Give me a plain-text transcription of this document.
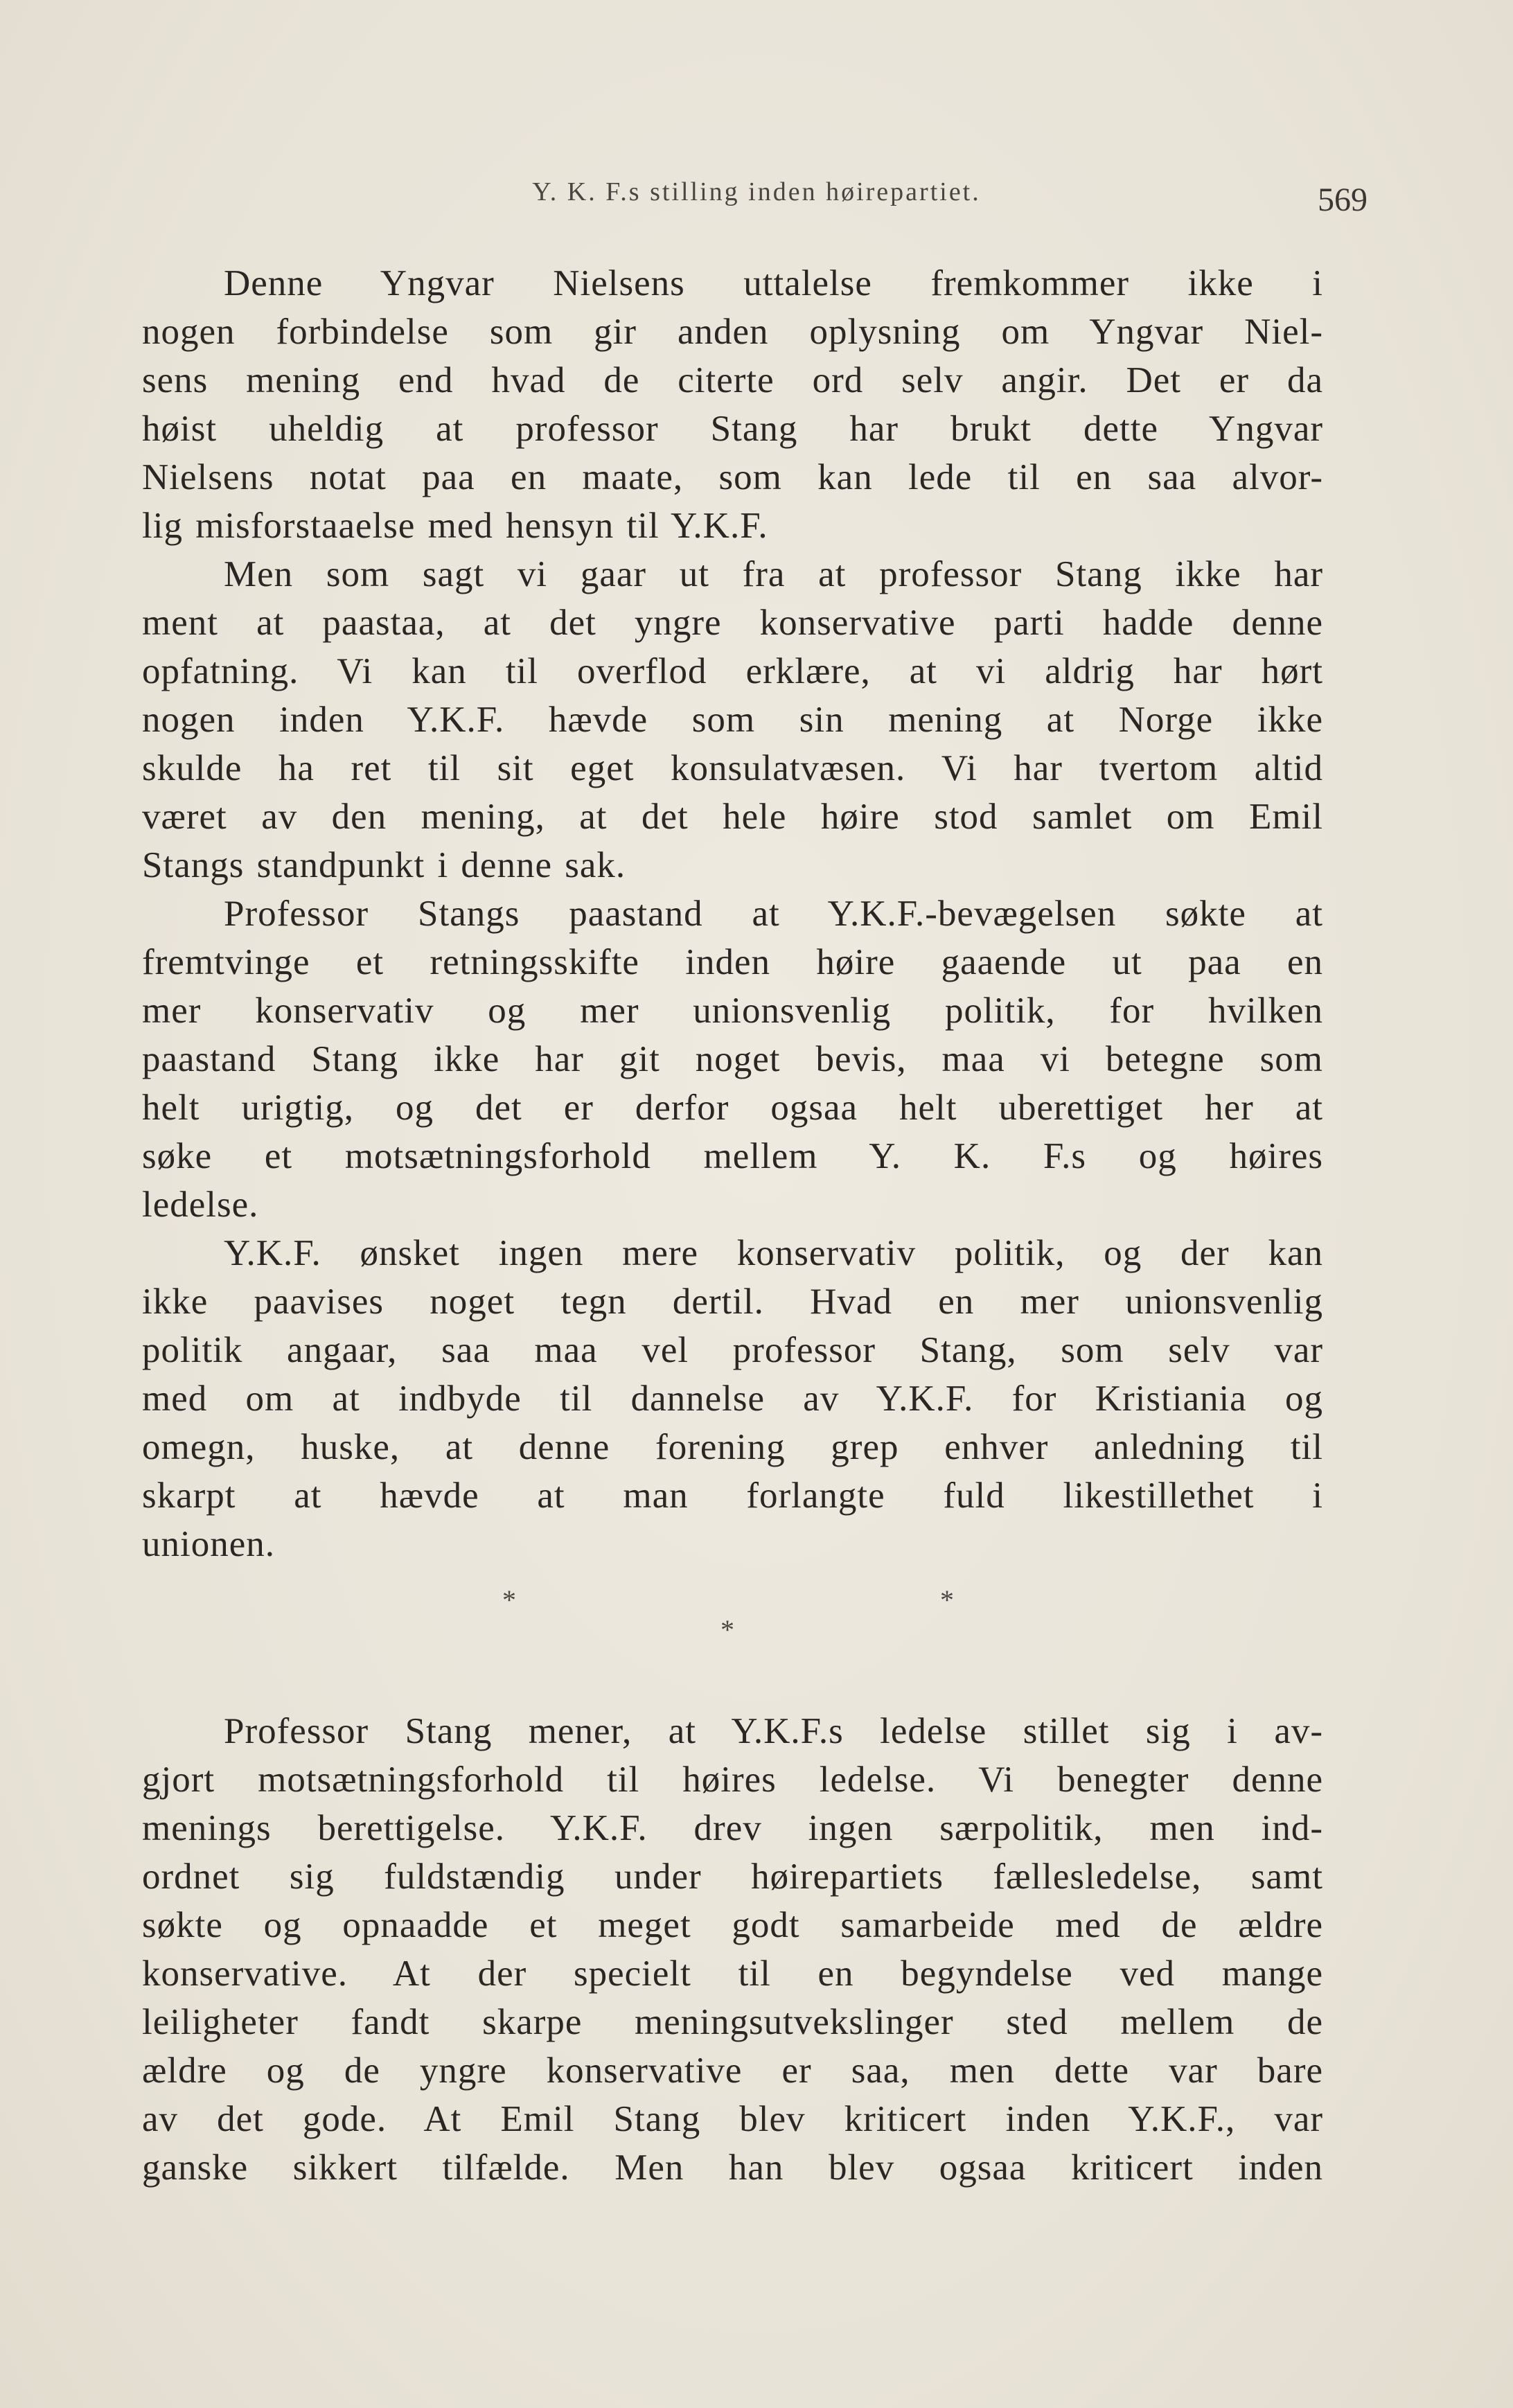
Y. K. F.s stilling inden høirepartiet.	569
Denne Yngvar Nielsens uttalelse fremkommer ikke i
nogen forbindelse som gir anden oplysning om Yngvar Niel-
sens mening end hvad de citerte ord selv angir. Det er da
høist uheldig at professor Stang har brukt dette Yngvar
Nielsens notat paa en maate, som kan lede til en saa alvor-
lig misforstaaelse med hensyn til Y.K.F.
Men som sagt vi gaar ut fra at professor Stang ikke har
ment at paastaa, at det yngre konservative parti hadde denne
opfatning. Vi kan til overflod erklære, at vi aldrig har hørt
nogen inden Y.K.F. hævde som sin mening at Norge ikke
skulde ha ret til sit eget konsulatvæsen. Vi har tvertom altid
været av den mening, at det hele høire stod samlet om Emil
Stangs standpunkt i denne sak.
Professor Stangs paastand at Y.K.F.-bevægelsen søkte at
fremtvinge et retningsskifte inden høire gaaende ut paa en
mer konservativ og mer unionsvenlig politik, for hvilken
paastand Stang ikke har git noget bevis, maa vi betegne som
helt urigtig, og det er derfor ogsaa helt uberettiget her at
søke et motsætningsforhold mellem Y. K. F.s og høires
ledelse.
Y.K.F. ønsket ingen mere konservativ politik, og der kan
ikke paavises noget tegn dertil. Hvad en mer unionsvenlig
politik angaar, saa maa vel professor Stang, som selv var
med om at indbyde til dannelse av Y.K.F. for Kristiania og
omegn, huske, at denne forening grep enhver anledning til
skarpt at hævde at man forlangte fuld likestillethet i
unionen.
*	*
*
Professor Stang mener, at Y.K.F.s ledelse stillet sig i av-
gjort motsætningsforhold til høires ledelse. Vi benegter denne
menings berettigelse. Y.K.F. drev ingen særpolitik, men ind-
ordnet sig fuldstændig under høirepartiets fællesledelse, samt
søkte og opnaadde et meget godt samarbeide med de ældre
konservative. At der specielt til en begyndelse ved mange
leiligheter fandt skarpe meningsutvekslinger sted mellem de
ældre og de yngre konservative er saa, men dette var bare
av det gode. At Emil Stang blev kriticert inden Y.K.F., var
ganske sikkert tilfælde. Men han blev ogsaa kriticert inden
